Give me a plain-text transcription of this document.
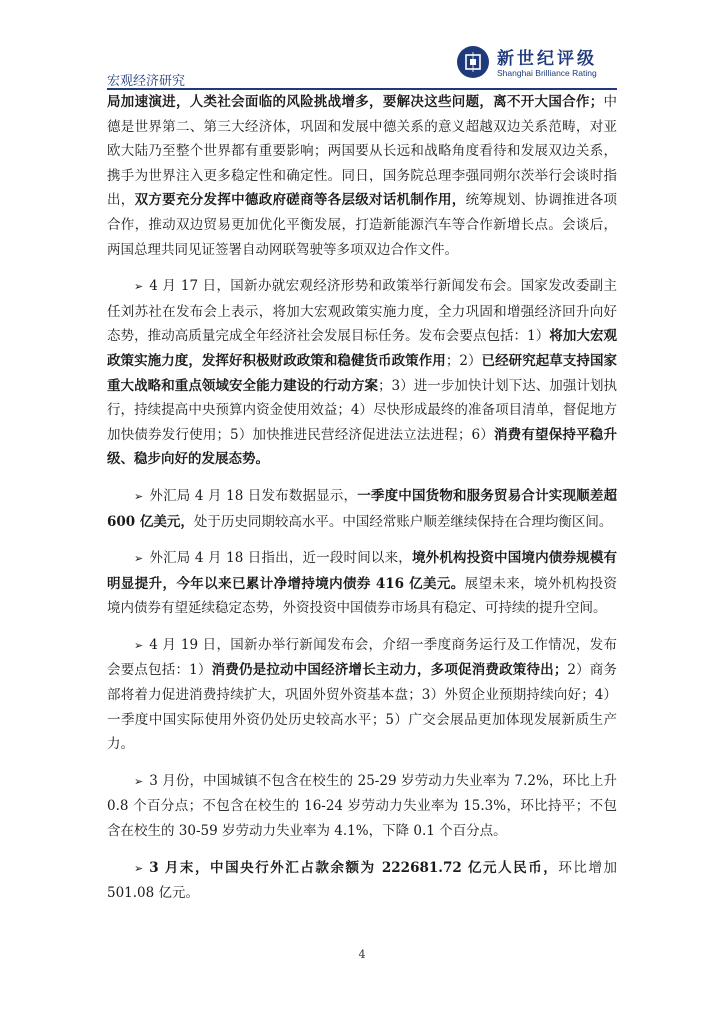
宏观经济研究
新世纪评级
Shanghai Brilliance Rating

局加速演进，人类社会面临的风险挑战增多，要解决这些问题，离不开大国合作；中德是世界第二、第三大经济体，巩固和发展中德关系的意义超越双边关系范畴，对亚欧大陆乃至整个世界都有重要影响；两国要从长远和战略角度看待和发展双边关系，携手为世界注入更多稳定性和确定性。同日，国务院总理李强同朔尔茨举行会谈时指出，双方要充分发挥中德政府磋商等各层级对话机制作用，统筹规划、协调推进各项合作，推动双边贸易更加优化平衡发展，打造新能源汽车等合作新增长点。会谈后，两国总理共同见证签署自动网联驾驶等多项双边合作文件。

➢ 4 月 17 日，国新办就宏观经济形势和政策举行新闻发布会。国家发改委副主任刘苏社在发布会上表示，将加大宏观政策实施力度，全力巩固和增强经济回升向好态势，推动高质量完成全年经济社会发展目标任务。发布会要点包括：1）将加大宏观政策实施力度，发挥好积极财政政策和稳健货币政策作用；2）已经研究起草支持国家重大战略和重点领域安全能力建设的行动方案；3）进一步加快计划下达、加强计划执行，持续提高中央预算内资金使用效益；4）尽快形成最终的准备项目清单，督促地方加快债券发行使用；5）加快推进民营经济促进法立法进程；6）消费有望保持平稳升级、稳步向好的发展态势。

➢ 外汇局 4 月 18 日发布数据显示，一季度中国货物和服务贸易合计实现顺差超 600 亿美元，处于历史同期较高水平。中国经常账户顺差继续保持在合理均衡区间。

➢ 外汇局 4 月 18 日指出，近一段时间以来，境外机构投资中国境内债券规模有明显提升，今年以来已累计净增持境内债券 416 亿美元。展望未来，境外机构投资境内债券有望延续稳定态势，外资投资中国债券市场具有稳定、可持续的提升空间。

➢ 4 月 19 日，国新办举行新闻发布会，介绍一季度商务运行及工作情况，发布会要点包括：1）消费仍是拉动中国经济增长主动力，多项促消费政策待出；2）商务部将着力促进消费持续扩大，巩固外贸外资基本盘；3）外贸企业预期持续向好；4）一季度中国实际使用外资仍处历史较高水平；5）广交会展品更加体现发展新质生产力。

➢ 3 月份，中国城镇不包含在校生的 25-29 岁劳动力失业率为 7.2%，环比上升 0.8 个百分点；不包含在校生的 16-24 岁劳动力失业率为 15.3%，环比持平；不包含在校生的 30-59 岁劳动力失业率为 4.1%，下降 0.1 个百分点。

➢ 3 月末，中国央行外汇占款余额为 222681.72 亿元人民币，环比增加 501.08 亿元。

4
